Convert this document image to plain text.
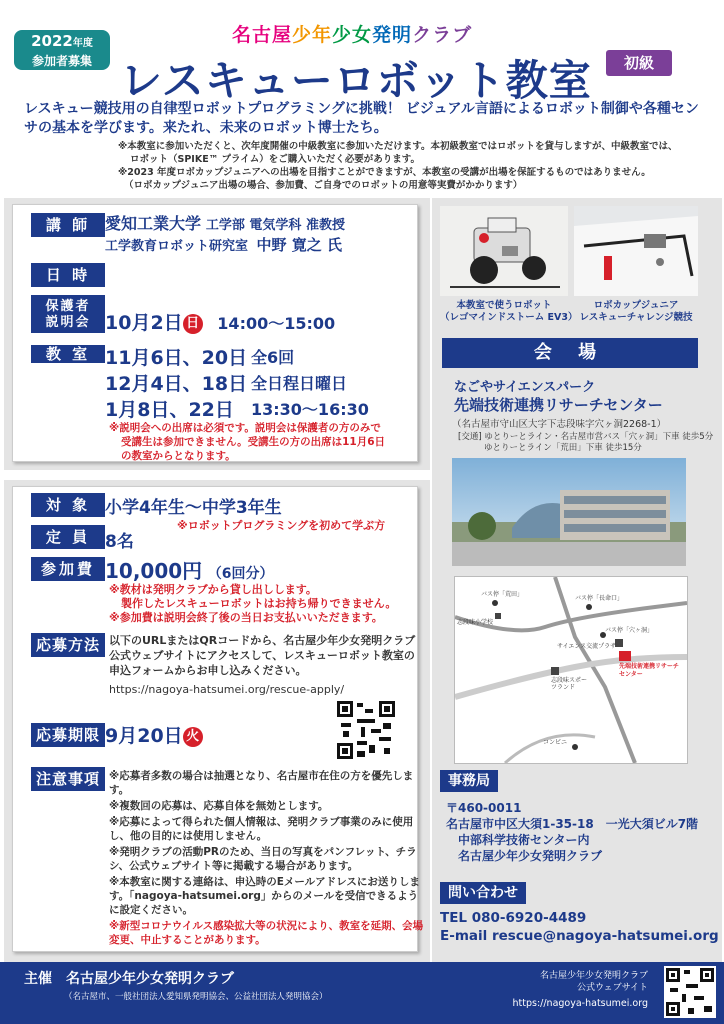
2022年度
参加者募集
名古屋少年少女発明クラブ
レスキューロボット教室	初級
レスキュー競技用の自律型ロボットプログラミングに挑戦！ ビジュアル言語によるロボット制御や各種センサの基本を学びます。来たれ、未来のロボット博士たち。
※本教室に参加いただくと、次年度開催の中級教室に参加いただけます。本初級教室ではロボットを貸与しますが、中級教室では、
ロボット（SPIKE™ プライム）をご購入いただく必要があります。
※2023 年度ロボカップジュニアへの出場を目指すことができますが、本教室の受講が出場を保証するものではありません。
（ロボカップジュニア出場の場合、参加費、ご自身でのロボットの用意等実費がかかります）
講 師 愛知工業大学 工学部 電気学科 准教授
工学教育ロボット研究室 中野 寛之 氏
日 時
保護者説明会 10月2日 日 14:00〜15:00
教 室 11月6日、20日 全6回
12月4日、18日 全日程日曜日
1月8日、22日 13:30〜16:30
※説明会への出席は必須です。説明会は保護者の方のみで
受講生は参加できません。受講生の方の出席は11月6日
の教室からとなります。
対 象 小学4年生〜中学3年生
※ロボットプログラミングを初めて学ぶ方
定 員 8名
参加費 10,000円 （6回分）
※教材は発明クラブから貸し出しします。
製作したレスキューロボットはお持ち帰りできません。
※参加費は説明会終了後の当日お支払いいただきます。
応募方法 以下のURLまたはQRコードから、名古屋少年少女発明クラブ
公式ウェブサイトにアクセスして、レスキューロボット教室の
申込フォームからお申し込みください。
https://nagoya-hatsumei.org/rescue-apply/
応募期限 9月20日 火
注意事項 ※応募者多数の場合は抽選となり、名古屋市在住の方を優先します。
※複数回の応募は、応募自体を無効とします。
※応募によって得られた個人情報は、発明クラブ事業のみに使用し、他の目的には使用しません。
※発明クラブの活動PRのため、当日の写真をパンフレット、チラシ、公式ウェブサイト等に掲載する場合があります。
※本教室に関する連絡は、申込時のEメールアドレスにお送りします。「nagoya-hatsumei.org」からのメールを受信できるように設定ください。
※新型コロナウイルス感染拡大等の状況により、教室を延期、会場変更、中止することがあります。
本教室で使うロボット
（レゴマインドストーム EV3）
ロボカップジュニア
レスキューチャレンジ競技
会 場
なごやサイエンスパーク
先端技術連携リサーチセンター
（名古屋市守山区大字下志段味字穴ヶ洞2268-1）
[交通] ゆとりーとライン・名古屋市営バス「穴ヶ洞」下車 徒歩5分
ゆとりーとライン「荒田」下車 徒歩15分
志段味小学校
バス停「荒田」
バス停「長命口」
バス停「穴ヶ洞」
サイエンス交流プラザ
先端技術連携リサーチセンター
志段味スポーツランド
コンビニ
事務局
〒460-0011
名古屋市中区大須1-35-18　一光大須ビル7階
中部科学技術センター内
名古屋少年少女発明クラブ
問い合わせ
TEL 080-6920-4489
E-mail rescue@nagoya-hatsumei.org
主催 名古屋少年少女発明クラブ
（名古屋市、一般社団法人愛知県発明協会、公益社団法人発明協会）
名古屋少年少女発明クラブ
公式ウェブサイト
https://nagoya-hatsumei.org
